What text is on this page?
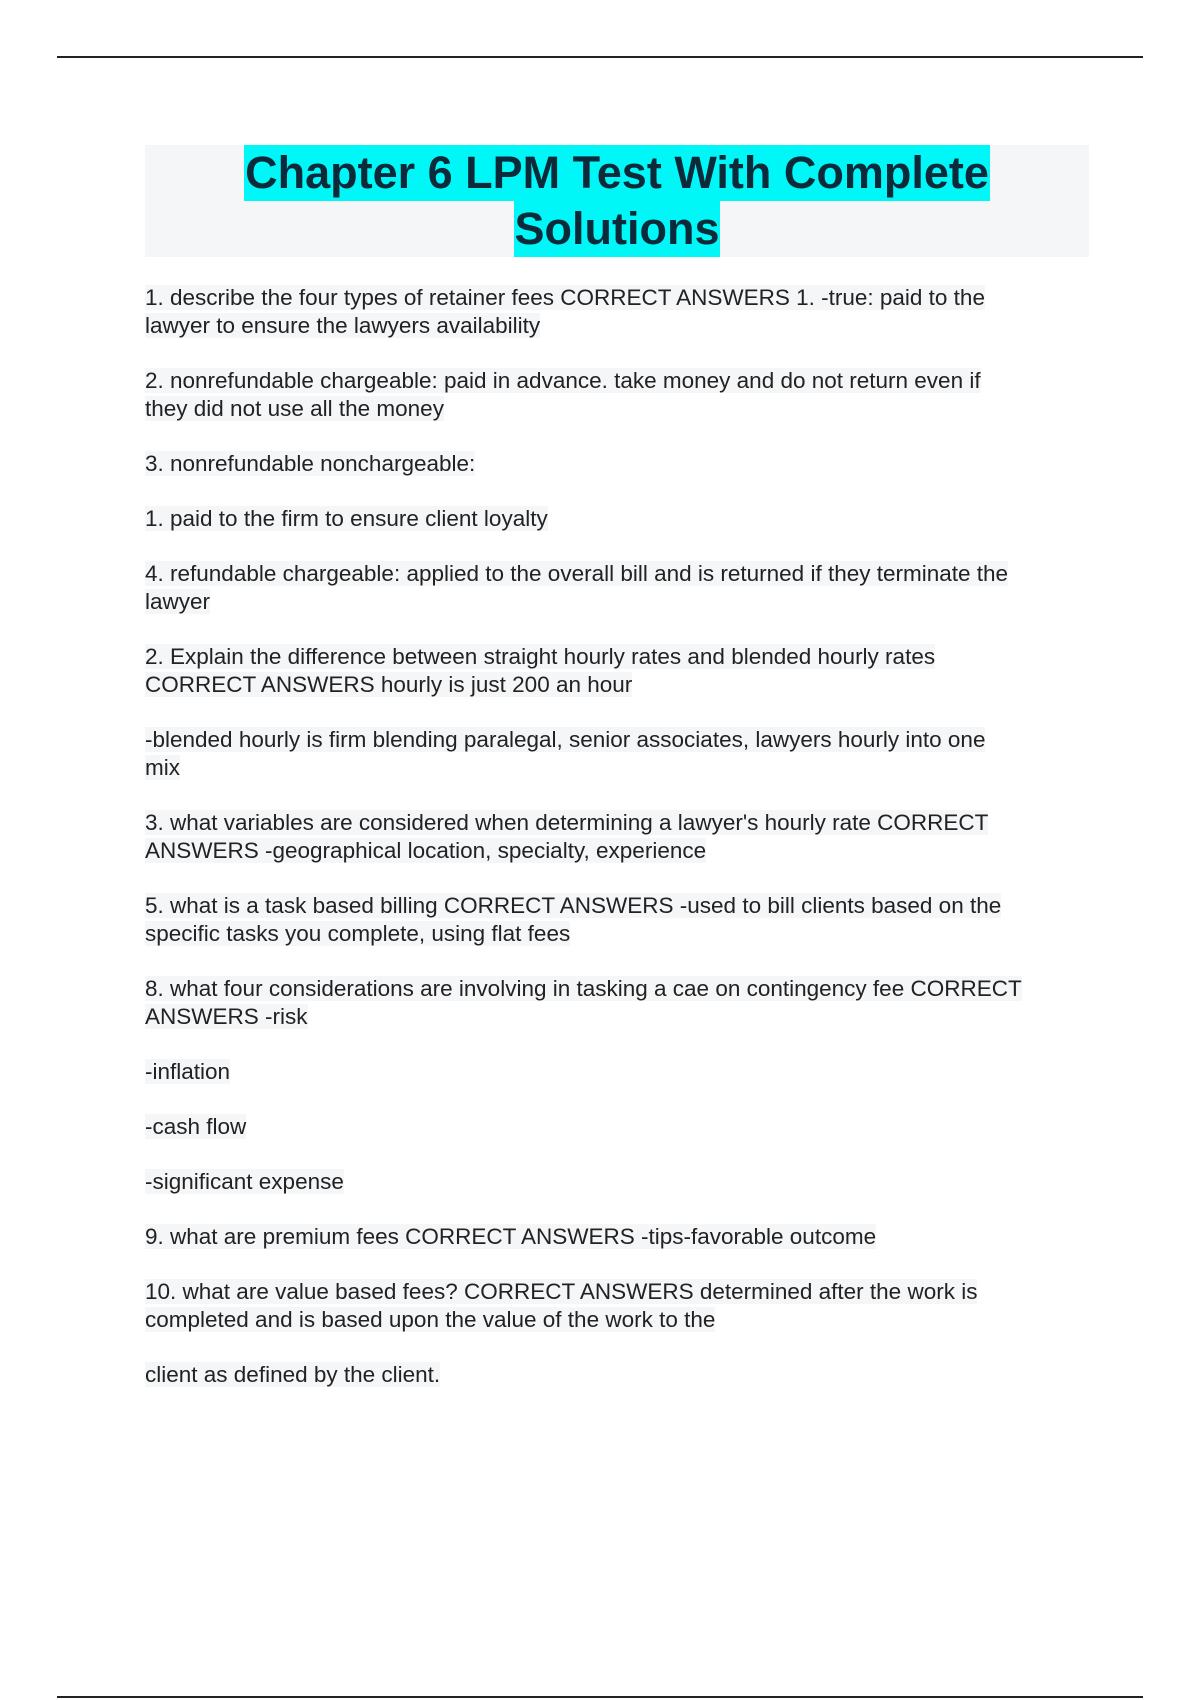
Chapter 6 LPM Test With Complete
Solutions

1. describe the four types of retainer fees CORRECT ANSWERS 1. -true: paid to the
lawyer to ensure the lawyers availability

2. nonrefundable chargeable: paid in advance. take money and do not return even if
they did not use all the money

3. nonrefundable nonchargeable:

1. paid to the firm to ensure client loyalty

4. refundable chargeable: applied to the overall bill and is returned if they terminate the
lawyer

2. Explain the difference between straight hourly rates and blended hourly rates
CORRECT ANSWERS hourly is just 200 an hour

-blended hourly is firm blending paralegal, senior associates, lawyers hourly into one
mix

3. what variables are considered when determining a lawyer's hourly rate CORRECT
ANSWERS -geographical location, specialty, experience

5. what is a task based billing CORRECT ANSWERS -used to bill clients based on the
specific tasks you complete, using flat fees

8. what four considerations are involving in tasking a cae on contingency fee CORRECT
ANSWERS -risk

-inflation

-cash flow

-significant expense

9. what are premium fees CORRECT ANSWERS -tips-favorable outcome

10. what are value based fees? CORRECT ANSWERS determined after the work is
completed and is based upon the value of the work to the

client as defined by the client.
